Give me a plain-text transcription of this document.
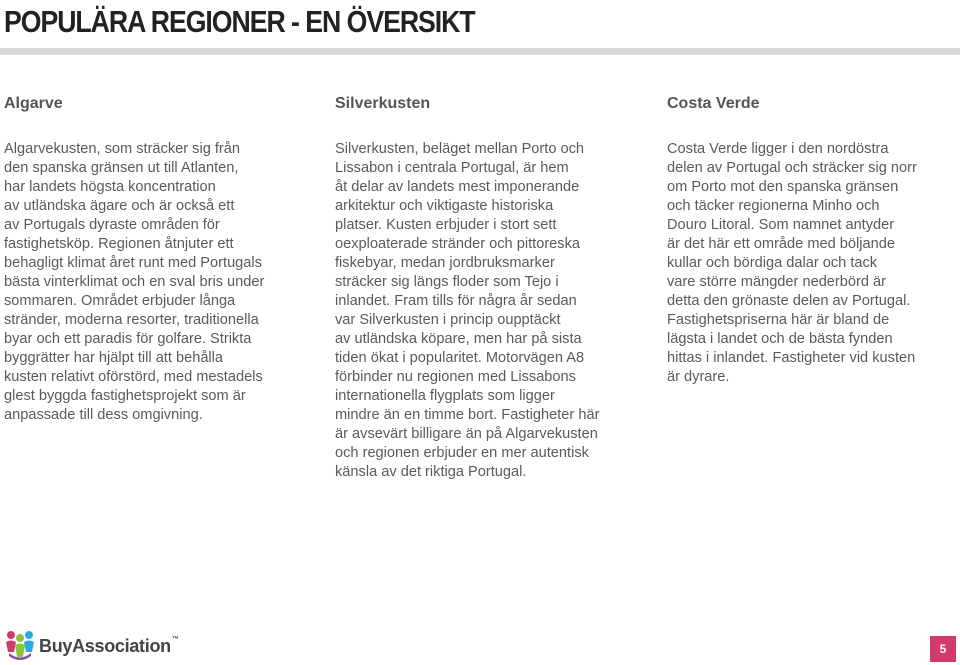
POPULÄRA REGIONER - EN ÖVERSIKT
Algarve

Algarvekusten, som sträcker sig från
den spanska gränsen ut till Atlanten,
har landets högsta koncentration
av utländska ägare och är också ett
av Portugals dyraste områden för
fastighetsköp. Regionen åtnjuter ett
behagligt klimat året runt med Portugals
bästa vinterklimat och en sval bris under
sommaren. Området erbjuder långa
stränder, moderna resorter, traditionella
byar och ett paradis för golfare. Strikta
byggrätter har hjälpt till att behålla
kusten relativt oförstörd, med mestadels
glest byggda fastighetsprojekt som är
anpassade till dess omgivning.

Silverkusten

Silverkusten, beläget mellan Porto och
Lissabon i centrala Portugal, är hem
åt delar av landets mest imponerande
arkitektur och viktigaste historiska
platser. Kusten erbjuder i stort sett
oexploaterade stränder och pittoreska
fiskebyar, medan jordbruksmarker
sträcker sig längs floder som Tejo i
inlandet. Fram tills för några år sedan
var Silverkusten i princip oupptäckt
av utländska köpare, men har på sista
tiden ökat i popularitet. Motorvägen A8
förbinder nu regionen med Lissabons
internationella flygplats som ligger
mindre än en timme bort. Fastigheter här
är avsevärt billigare än på Algarvekusten
och regionen erbjuder en mer autentisk
känsla av det riktiga Portugal.

Costa Verde

Costa Verde ligger i den nordöstra
delen av Portugal och sträcker sig norr
om Porto mot den spanska gränsen
och täcker regionerna Minho och
Douro Litoral. Som namnet antyder
är det här ett område med böljande
kullar och bördiga dalar och tack
vare större mängder nederbörd är
detta den grönaste delen av Portugal.
Fastighetspriserna här är bland de
lägsta i landet och de bästa fynden
hittas i inlandet. Fastigheter vid kusten
är dyrare.

BuyAssociation™
5
